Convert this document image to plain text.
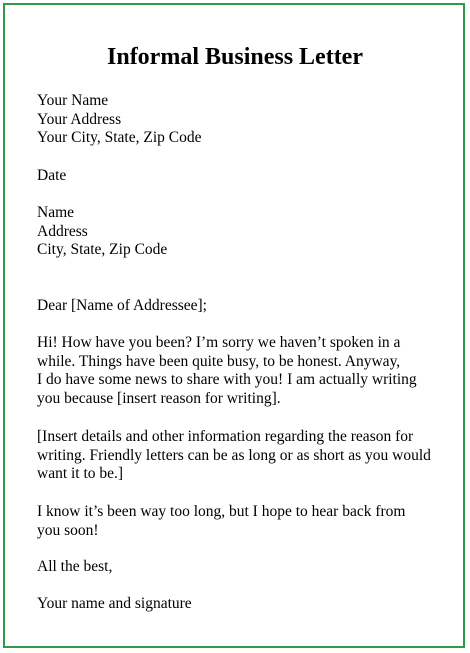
Informal Business Letter
Your Name
Your Address
Your City, State, Zip Code
Date
Name
Address
City, State, Zip Code
Dear [Name of Addressee];
Hi! How have you been? I’m sorry we haven’t spoken in a
while. Things have been quite busy, to be honest. Anyway,
I do have some news to share with you! I am actually writing
you because [insert reason for writing].
[Insert details and other information regarding the reason for
writing. Friendly letters can be as long or as short as you would
want it to be.]
I know it’s been way too long, but I hope to hear back from
you soon!
All the best,
Your name and signature
